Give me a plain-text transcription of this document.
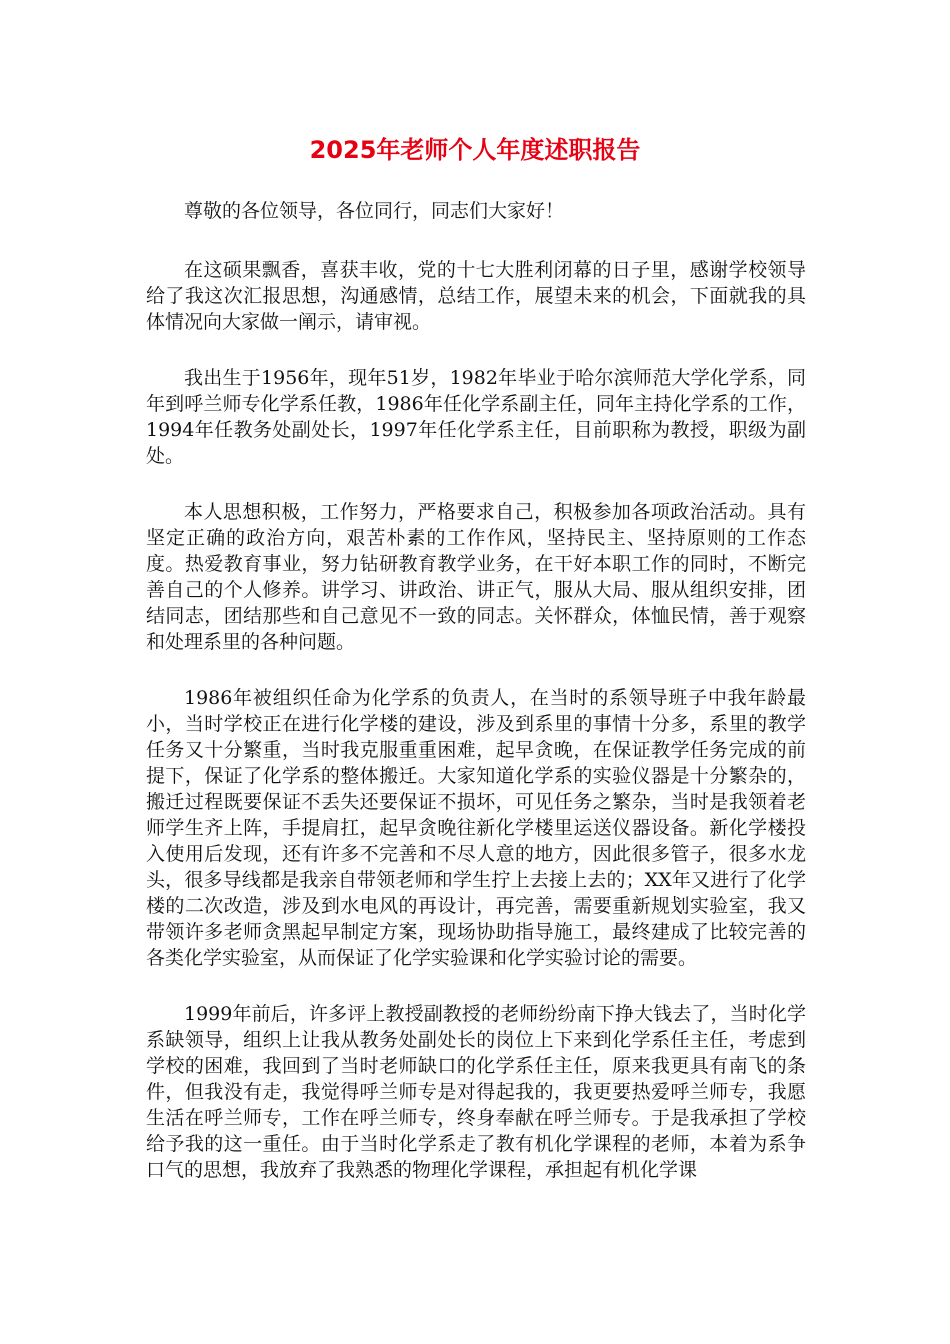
2025年老师个人年度述职报告

尊敬的各位领导，各位同行，同志们大家好！

在这硕果飘香，喜获丰收，党的十七大胜利闭幕的日子里，感谢学校领导给了我这次汇报思想，沟通感情，总结工作，展望未来的机会，下面就我的具体情况向大家做一阐示，请审视。

我出生于1956年，现年51岁，1982年毕业于哈尔滨师范大学化学系，同年到呼兰师专化学系任教，1986年任化学系副主任，同年主持化学系的工作，1994年任教务处副处长，1997年任化学系主任，目前职称为教授，职级为副处。

本人思想积极，工作努力，严格要求自己，积极参加各项政治活动。具有坚定正确的政治方向，艰苦朴素的工作作风，坚持民主、坚持原则的工作态度。热爱教育事业，努力钻研教育教学业务，在干好本职工作的同时，不断完善自己的个人修养。讲学习、讲政治、讲正气，服从大局、服从组织安排，团结同志，团结那些和自己意见不一致的同志。关怀群众，体恤民情，善于观察和处理系里的各种问题。

1986年被组织任命为化学系的负责人，在当时的系领导班子中我年龄最小，当时学校正在进行化学楼的建设，涉及到系里的事情十分多，系里的教学任务又十分繁重，当时我克服重重困难，起早贪晚，在保证教学任务完成的前提下，保证了化学系的整体搬迁。大家知道化学系的实验仪器是十分繁杂的，搬迁过程既要保证不丢失还要保证不损坏，可见任务之繁杂，当时是我领着老师学生齐上阵，手提肩扛，起早贪晚往新化学楼里运送仪器设备。新化学楼投入使用后发现，还有许多不完善和不尽人意的地方，因此很多管子，很多水龙头，很多导线都是我亲自带领老师和学生拧上去接上去的；XX年又进行了化学楼的二次改造，涉及到水电风的再设计，再完善，需要重新规划实验室，我又带领许多老师贪黑起早制定方案，现场协助指导施工，最终建成了比较完善的各类化学实验室，从而保证了化学实验课和化学实验讨论的需要。

1999年前后，许多评上教授副教授的老师纷纷南下挣大钱去了，当时化学系缺领导，组织上让我从教务处副处长的岗位上下来到化学系任主任，考虑到学校的困难，我回到了当时老师缺口的化学系任主任，原来我更具有南飞的条件，但我没有走，我觉得呼兰师专是对得起我的，我更要热爱呼兰师专，我愿生活在呼兰师专，工作在呼兰师专，终身奉献在呼兰师专。于是我承担了学校给予我的这一重任。由于当时化学系走了教有机化学课程的老师，本着为系争口气的思想，我放弃了我熟悉的物理化学课程，承担起有机化学课
